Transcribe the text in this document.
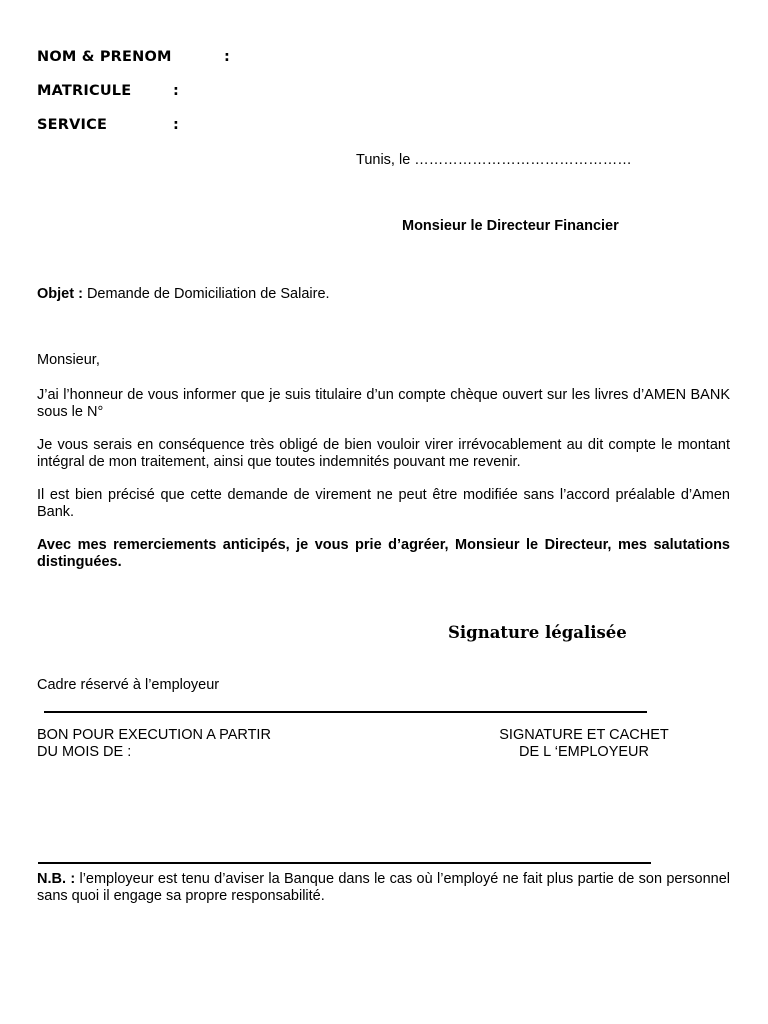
NOM & PRENOM	:
MATRICULE	:
SERVICE	:
Tunis, le ………………………………………
Monsieur le Directeur Financier
Objet : Demande de Domiciliation de Salaire.
Monsieur,
J’ai l’honneur de vous informer que je suis titulaire d’un compte chèque ouvert sur les livres d’AMEN BANK sous le N°
Je vous serais en conséquence très obligé de bien vouloir virer irrévocablement au dit compte le montant intégral de mon traitement, ainsi que toutes indemnités pouvant me revenir.
Il est bien précisé que cette demande de virement ne peut être modifiée sans l’accord préalable d’Amen Bank.
Avec mes remerciements anticipés, je vous prie d’agréer, Monsieur le Directeur, mes salutations distinguées.
Signature légalisée
Cadre réservé à l’employeur
BON POUR EXECUTION A PARTIR
DU MOIS DE :
SIGNATURE ET CACHET
DE L ‘EMPLOYEUR
N.B. : l’employeur est tenu d’aviser la Banque dans le cas où l’employé ne fait plus partie de son personnel sans quoi il engage sa propre responsabilité.
